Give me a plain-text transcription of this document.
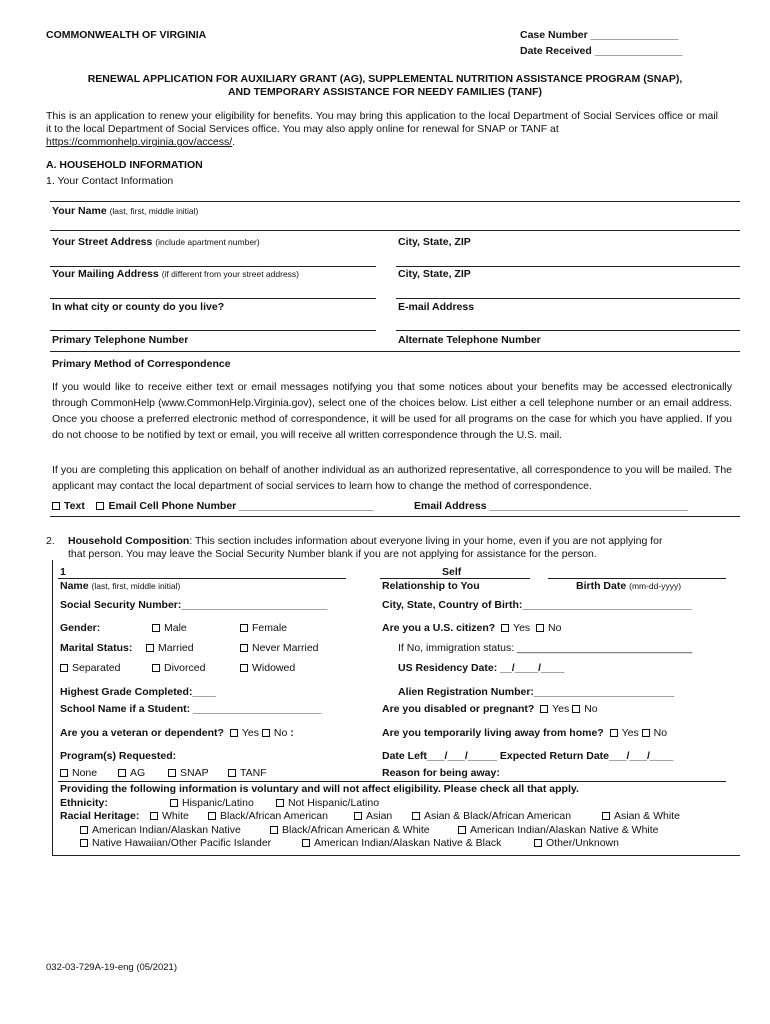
COMMONWEALTH OF VIRGINIA	Case Number _______________
Date Received _______________
RENEWAL APPLICATION FOR AUXILIARY GRANT (AG), SUPPLEMENTAL NUTRITION ASSISTANCE PROGRAM (SNAP),
AND TEMPORARY ASSISTANCE FOR NEEDY FAMILIES (TANF)
This is an application to renew your eligibility for benefits. You may bring this application to the local Department of Social Services office or mail it to the local Department of Social Services office. You may also apply online for renewal for SNAP or TANF at
https://commonhelp.virginia.gov/access/.
A. HOUSEHOLD INFORMATION
1. Your Contact Information
Your Name (last, first, middle initial)
Your Street Address (include apartment number)	City, State, ZIP
Your Mailing Address (if different from your street address)	City, State, ZIP
In what city or county do you live?	E-mail Address
Primary Telephone Number	Alternate Telephone Number
Primary Method of Correspondence
If you would like to receive either text or email messages notifying you that some notices about your benefits may be accessed electronically through CommonHelp (www.CommonHelp.Virginia.gov), select one of the choices below. List either a cell telephone number or an email address. Once you choose a preferred electronic method of correspondence, it will be used for all programs on the case for which you have applied. If you do not choose to be notified by text or email, you will receive all written correspondence through the U.S. mail.
If you are completing this application on behalf of another individual as an authorized representative, all correspondence to you will be mailed. The applicant may contact the local department of social services to learn how to change the method of correspondence.
Text Email Cell Phone Number _______________________	Email Address __________________________________
2. Household Composition: This section includes information about everyone living in your home, even if you are not applying for
that person. You may leave the Social Security Number blank if you are not applying for assistance for the person.
1	Self
Name (last, first, middle initial)	Relationship to You	Birth Date (mm-dd-yyyy)
Social Security Number:_________________________	City, State, Country of Birth:_____________________________
Gender:	Male	Female	Are you a U.S. citizen? Yes No
Marital Status:	Married	Never Married	If No, immigration status: ______________________________
Separated	Divorced	Widowed	US Residency Date: __/____/____
Highest Grade Completed:____	Alien Registration Number:________________________
School Name if a Student: ______________________	Are you disabled or pregnant? Yes No
Are you a veteran or dependent? Yes No :	Are you temporarily living away from home? Yes No
Program(s) Requested:	Date Left___/___/_____ Expected Return Date___/___/____
None	AG	SNAP	TANF	Reason for being away:
Providing the following information is voluntary and will not affect eligibility. Please check all that apply.
Ethnicity:	Hispanic/Latino	Not Hispanic/Latino
Racial Heritage:	White	Black/African American	Asian	Asian & Black/African American	Asian & White
American Indian/Alaskan Native	Black/African American & White	American Indian/Alaskan Native & White
Native Hawaiian/Other Pacific Islander	American Indian/Alaskan Native & Black	Other/Unknown
032-03-729A-19-eng (05/2021)
